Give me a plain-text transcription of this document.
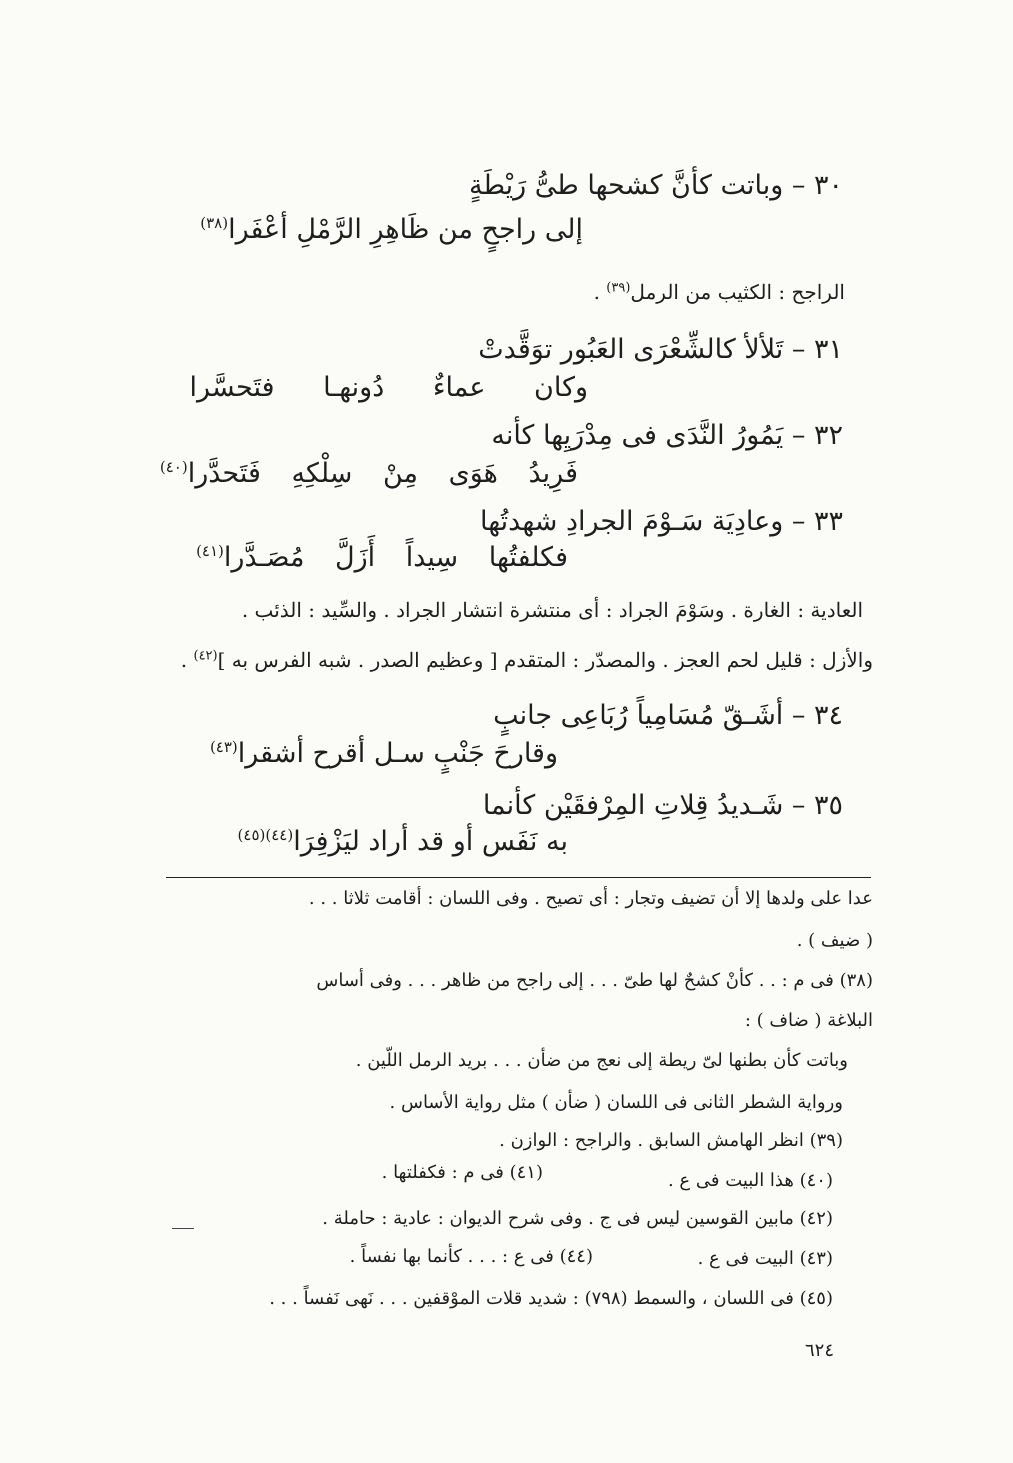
٣٠ – وباتت كأنَّ كشحها طىُّ رَيْطَةٍ
إلى راجحٍ من ظَاهِرِ الرَّمْلِ أعْفَرا$^{(٣٨)}$
الراجح : الكثيب من الرمل$^{(٣٩)}$ .
٣١ – تَلألأ كالشِّعْرَى العَبُور توَقَّدتْ
وكان عماءٌ دُونهـا فتَحسَّرا
٣٢ – يَمُورُ النَّدَى فى مِدْرَيِها كأنه
فَرِيدُ هَوَى مِنْ سِلْكِهِ فَتَحدَّرا$^{(٤٠)}$
٣٣ – وعادِيَة سَـوْمَ الجرادِ شهدتُها
فكلفتُها سِيداً أَزَلَّ مُصَـدَّرا$^{(٤١)}$
العادية : الغارة . وسَوْمَ الجراد : أى منتشرة انتشار الجراد . والسِّيد : الذئب .
والأزل : قليل لحم العجز . والمصدّر : المتقدم [ وعظيم الصدر . شبه الفرس به ]$^{(٤٢)}$ .
٣٤ – أشَـقّ مُسَامِياً رُبَاعِى جانبٍ
وقارحَ جَنْبٍ سـل أقرح أشقرا$^{(٤٣)}$
٣٥ – شَـديدُ قِلاتِ المِرْفقَيْن كأنما
به نَفَس أو قد أراد ليَزْفِرَا$^{(٤٤)(٤٥)}$
عدا على ولدها إلا أن تضيف وتجار : أى تصيح . وفى اللسان : أقامت ثلاثا . . .
( ضيف ) .
(٣٨) فى م : . . كأنْ كشحٌ لها طىّ . . . إلى راجح من ظاهر . . . وفى أساس
البلاغة ( ضاف ) :
وباتت كأن بطنها لىّ ريطة إلى نعج من ضأن . . . بريد الرمل اللّين .
ورواية الشطر الثانى فى اللسان ( ضأن ) مثل رواية الأساس .
(٣٩) انظر الهامش السابق . والراجح : الوازن .
(٤٠) هذا البيت فى ع .
(٤١) فى م : فكفلتها .
(٤٢) مابين القوسين ليس فى ج . وفى شرح الديوان : عادية : حاملة .
(٤٣) البيت فى ع .
(٤٤) فى ع : . . . كأنما بها نفساً .
(٤٥) فى اللسان ، والسمط (٧٩٨) : شديد قلات الموْقفين . . . نَهى نَفساً . . .
٦٢٤
